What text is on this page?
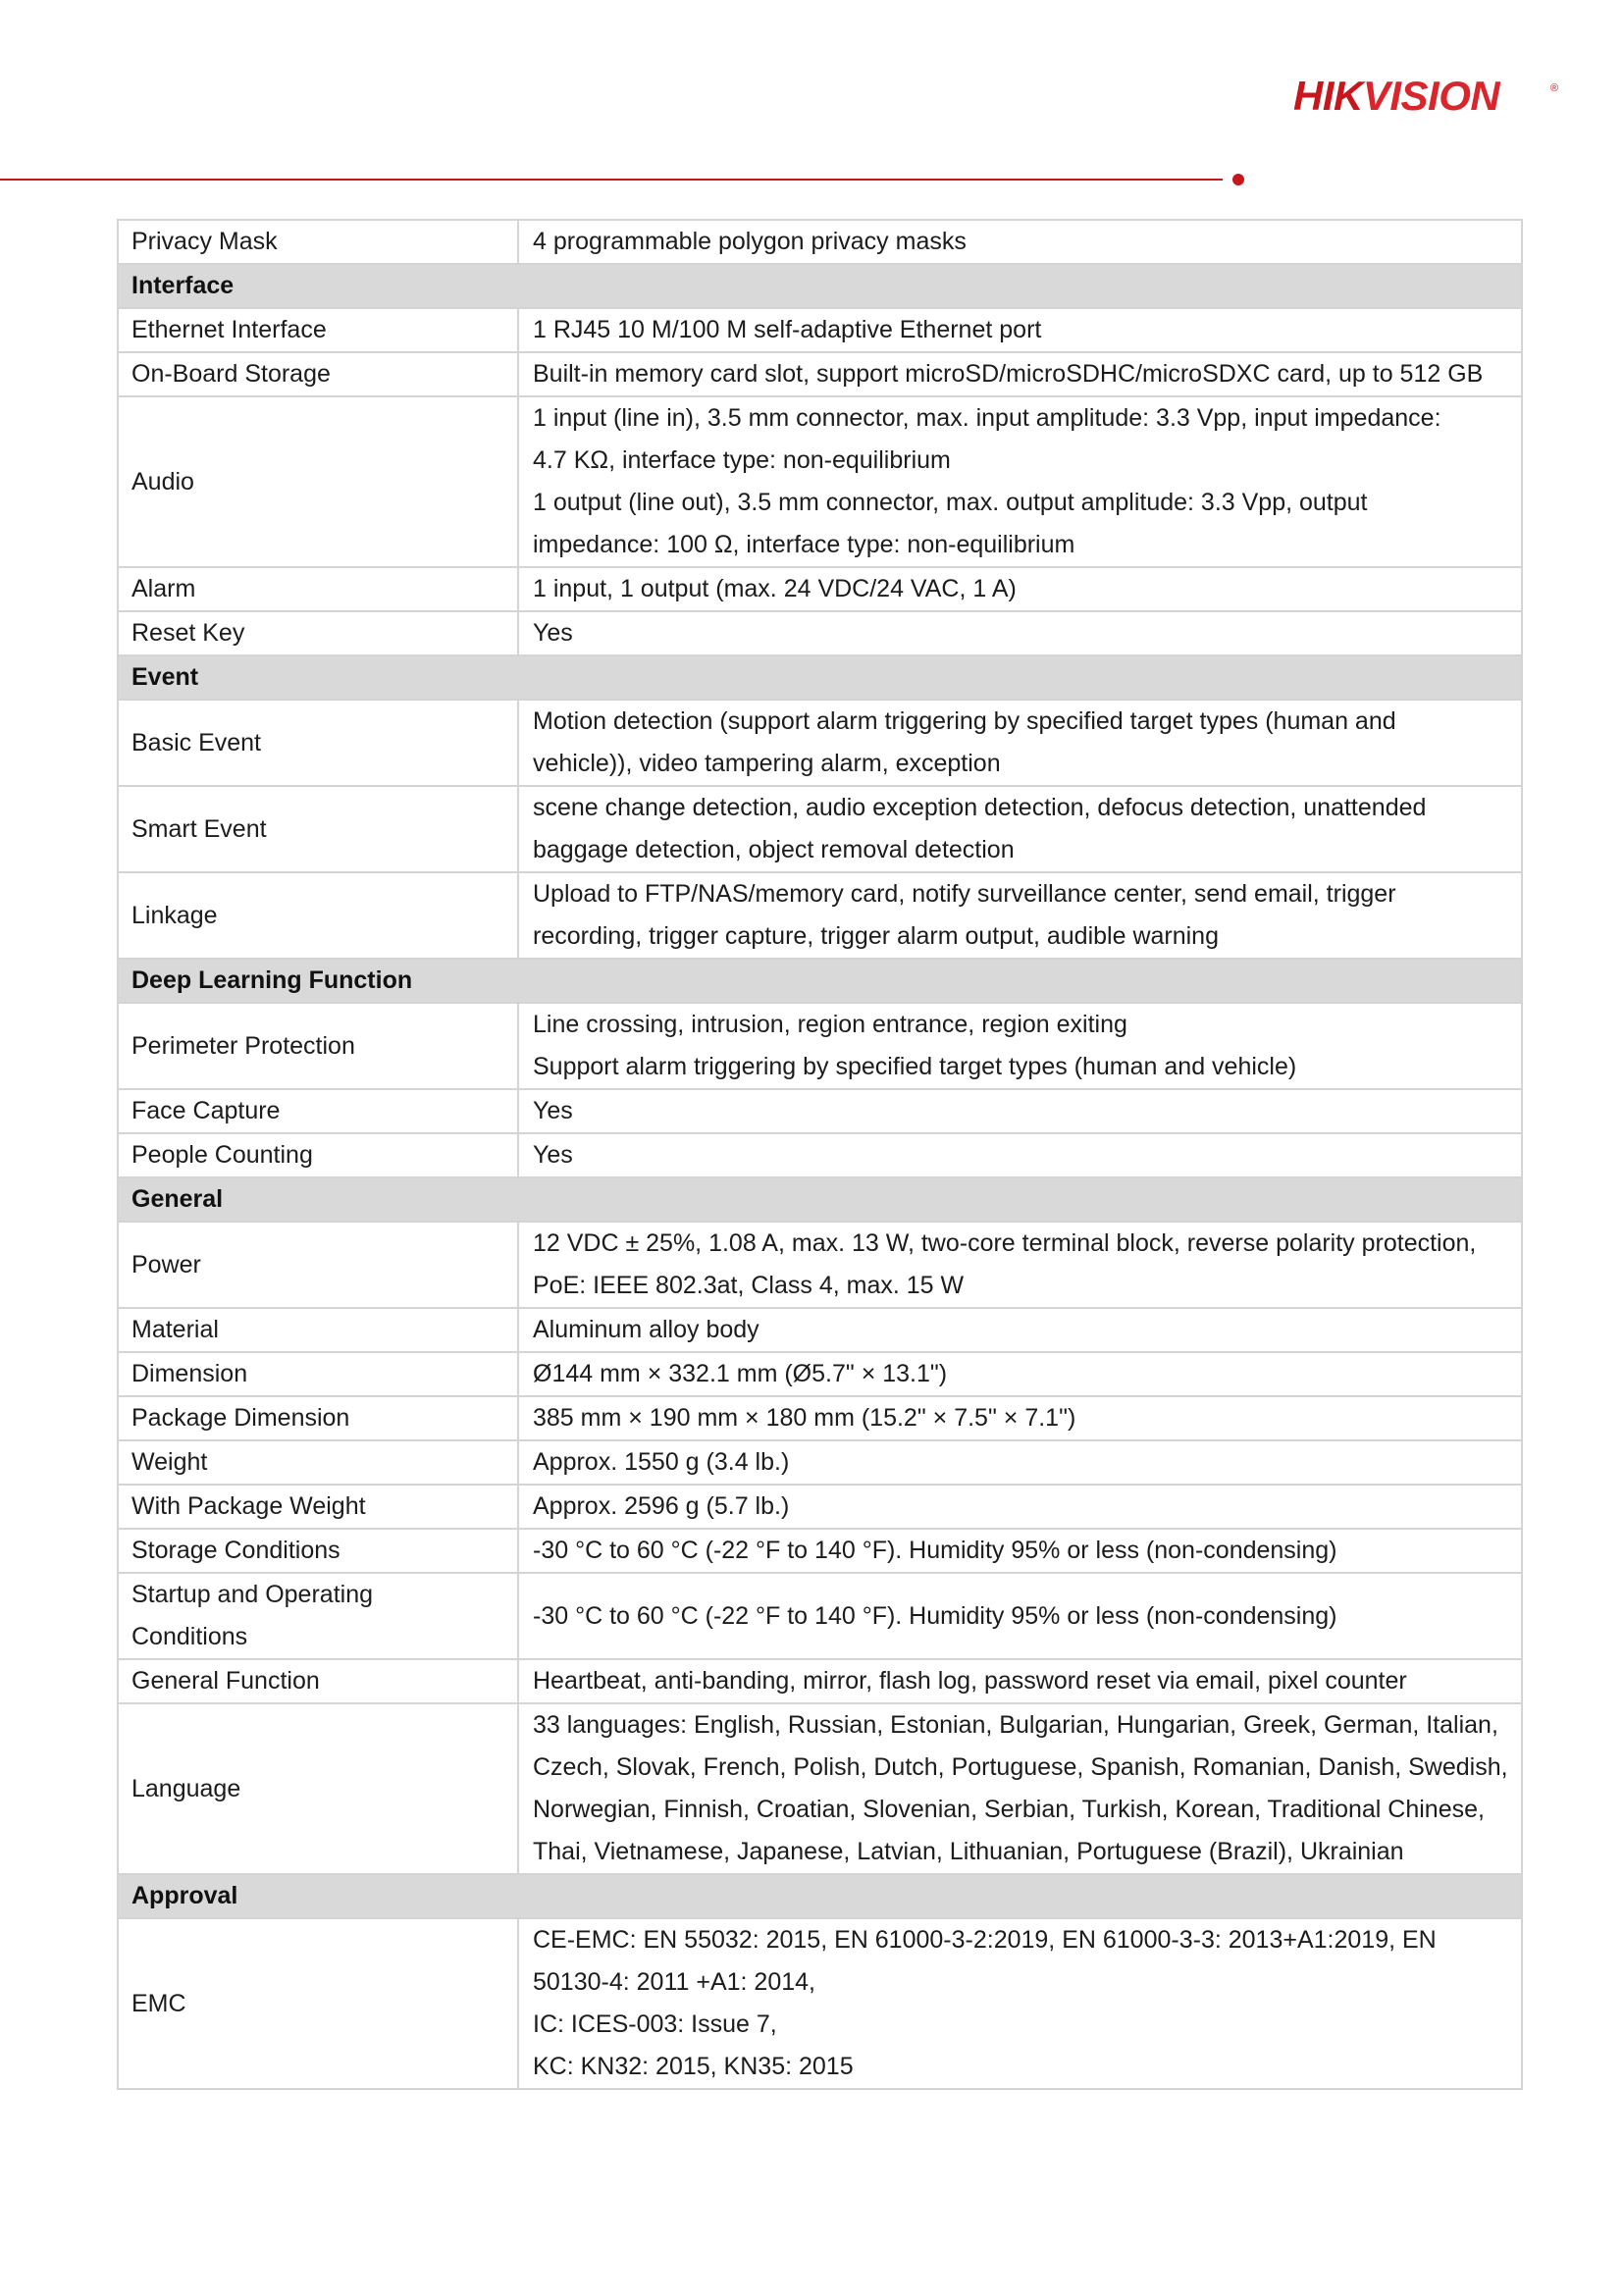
HIKVISION	®
Privacy Mask	4 programmable polygon privacy masks
Interface	
Ethernet Interface	1 RJ45 10 M/100 M self-adaptive Ethernet port
On-Board Storage	Built-in memory card slot, support microSD/microSDHC/microSDXC card, up to 512 GB
Audio	1 input (line in), 3.5 mm connector, max. input amplitude: 3.3 Vpp, input impedance:
4.7 KΩ, interface type: non-equilibrium
1 output (line out), 3.5 mm connector, max. output amplitude: 3.3 Vpp, output
impedance: 100 Ω, interface type: non-equilibrium

Alarm	1 input, 1 output (max. 24 VDC/24 VAC, 1 A)
Reset Key	Yes
Event	
Basic Event	Motion detection (support alarm triggering by specified target types (human and
vehicle)), video tampering alarm, exception

Smart Event	scene change detection, audio exception detection, defocus detection, unattended
baggage detection, object removal detection

Linkage	Upload to FTP/NAS/memory card, notify surveillance center, send email, trigger
recording, trigger capture, trigger alarm output, audible warning

Deep Learning Function	
Perimeter Protection	Line crossing, intrusion, region entrance, region exiting
Support alarm triggering by specified target types (human and vehicle)

Face Capture	Yes
People Counting	Yes
General	
Power	12 VDC ± 25%, 1.08 A, max. 13 W, two-core terminal block, reverse polarity protection,
PoE: IEEE 802.3at, Class 4, max. 15 W

Material	Aluminum alloy body
Dimension	Ø144 mm × 332.1 mm (Ø5.7" × 13.1")
Package Dimension	385 mm × 190 mm × 180 mm (15.2" × 7.5" × 7.1")
Weight	Approx. 1550 g (3.4 lb.)
With Package Weight	Approx. 2596 g (5.7 lb.)
Storage Conditions	-30 °C to 60 °C (-22 °F to 140 °F). Humidity 95% or less (non-condensing)

Startup and Operating
Conditions	-30 °C to 60 °C (-22 °F to 140 °F). Humidity 95% or less (non-condensing)
General Function	Heartbeat, anti-banding, mirror, flash log, password reset via email, pixel counter
Language	33 languages: English, Russian, Estonian, Bulgarian, Hungarian, Greek, German, Italian,
Czech, Slovak, French, Polish, Dutch, Portuguese, Spanish, Romanian, Danish, Swedish,
Norwegian, Finnish, Croatian, Slovenian, Serbian, Turkish, Korean, Traditional Chinese,
Thai, Vietnamese, Japanese, Latvian, Lithuanian, Portuguese (Brazil), Ukrainian

Approval	
EMC	CE-EMC: EN 55032: 2015, EN 61000-3-2:2019, EN 61000-3-3: 2013+A1:2019, EN
50130-4: 2011 +A1: 2014,
IC: ICES-003: Issue 7,
KC: KN32: 2015, KN35: 2015
